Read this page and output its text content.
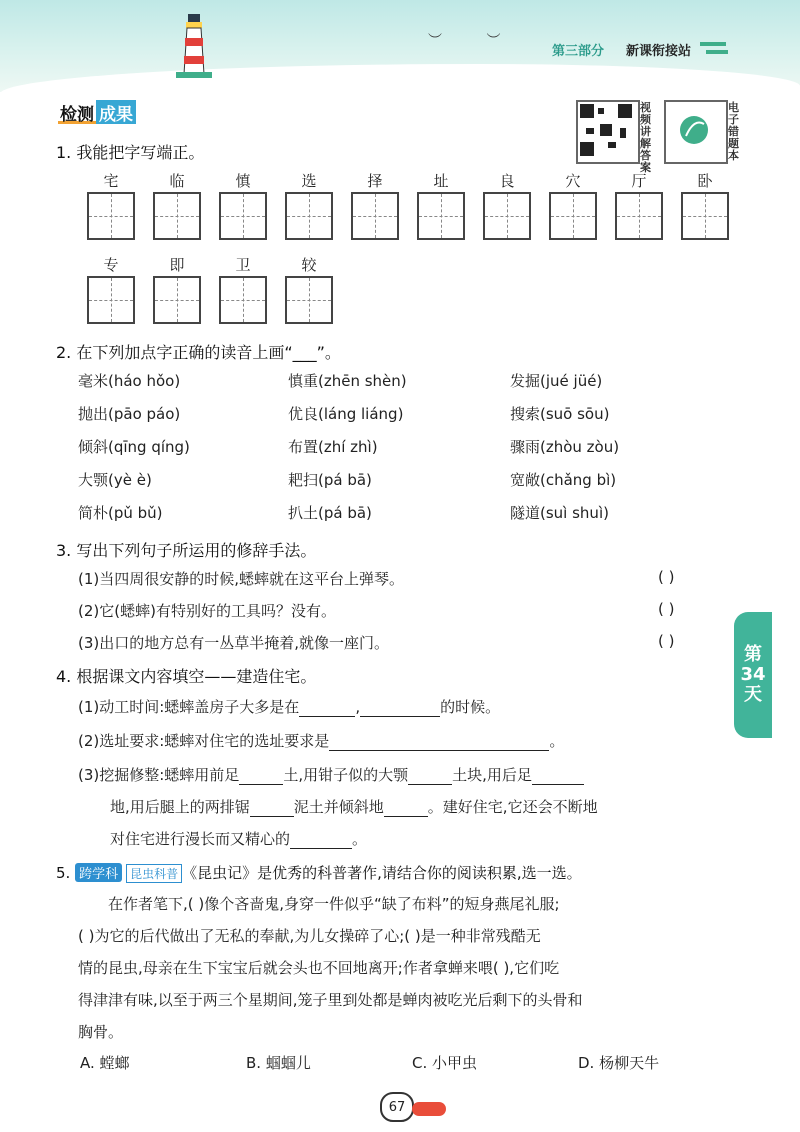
︶ ︶
第三部分 新课衔接站
检测 成果	视频讲解答案
电子错题本
1. 我能把字写端正。
宅	临	慎	选	择	址	良	穴	厅	卧
专	即	卫	较
2. 在下列加点字正确的读音上画“___”。
毫米(háo hǒo)	慎重(zhēn shèn)	发掘(jué jüé)
抛出(pāo páo)	优良(láng liáng)	搜索(suō sōu)
倾斜(qīng qíng)	布置(zhí zhì)	骤雨(zhòu zòu)
大颚(yè è)	耙扫(pá bā)	宽敞(chǎng bì)
简朴(pǔ bǔ)	扒土(pá bā)	隧道(suì shuì)
3. 写出下列句子所运用的修辞手法。
(1)当四周很安静的时候,蟋蟀就在这平台上弹琴。	( )
(2)它(蟋蟀)有特别好的工具吗？没有。	( )
(3)出口的地方总有一丛草半掩着,就像一座门。	( )
4. 根据课文内容填空——建造住宅。
(1)动工时间:蟋蟀盖房子大多是在	,	的时候。
(2)选址要求:蟋蟀对住宅的选址要求是	。
(3)挖掘修整:蟋蟀用前足	土,用钳子似的大颚	土块,用后足
地,用后腿上的两排锯	泥土并倾斜地	。建好住宅,它还会不断地
对住宅进行漫长而又精心的	。
5. 跨学科 昆虫科普 《昆虫记》是优秀的科普著作,请结合你的阅读积累,选一选。
在作者笔下,( )像个吝啬鬼,身穿一件似乎“缺了布料”的短身燕尾礼服;
( )为它的后代做出了无私的奉献,为儿女操碎了心;( )是一种非常残酷无
情的昆虫,母亲在生下宝宝后就会头也不回地离开;作者拿蝉来喂( ),它们吃
得津津有味,以至于两三个星期间,笼子里到处都是蝉肉被吃光后剩下的头骨和
胸骨。
A. 螳螂	B. 蝈蝈儿	C. 小甲虫	D. 杨柳天牛
第
34
天
67
